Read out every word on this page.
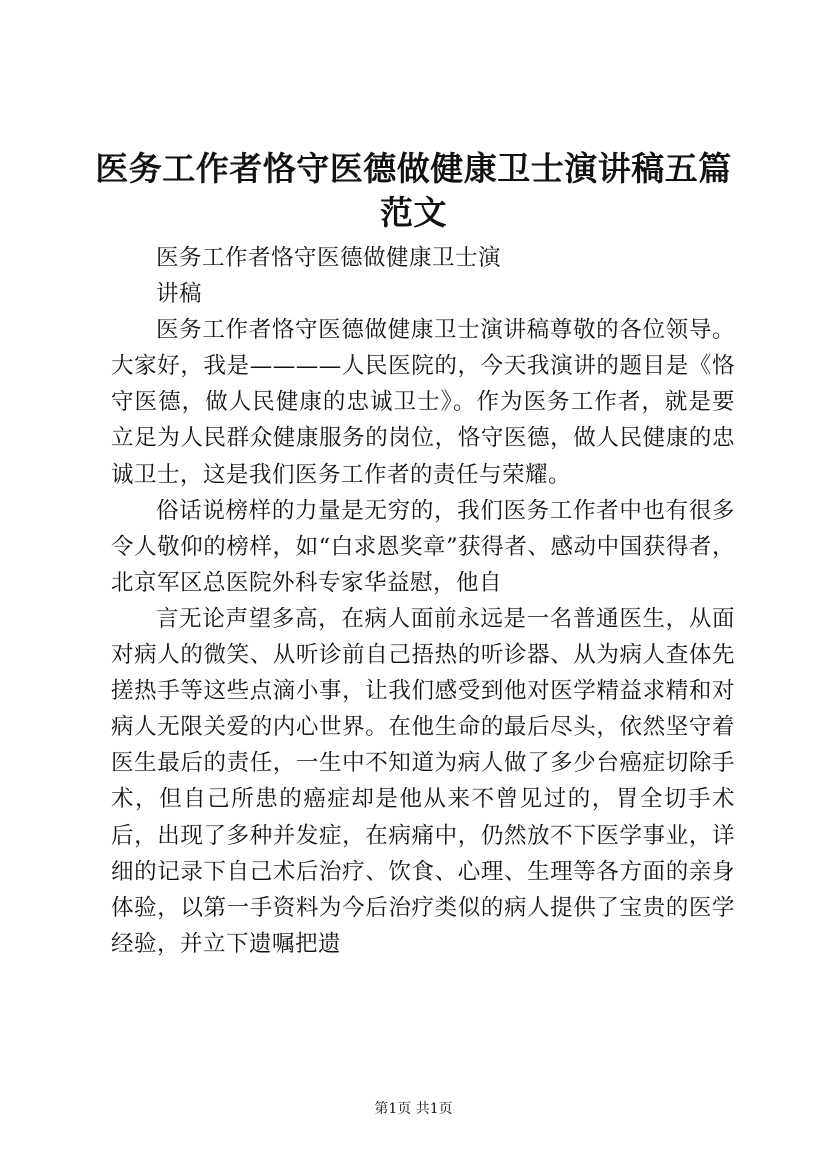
医务工作者恪守医德做健康卫士演讲稿五篇范文

医务工作者恪守医德做健康卫士演

讲稿

医务工作者恪守医德做健康卫士演讲稿尊敬的各位领导。大家好，我是————人民医院的，今天我演讲的题目是《恪守医德，做人民健康的忠诚卫士》。作为医务工作者，就是要立足为人民群众健康服务的岗位，恪守医德，做人民健康的忠诚卫士，这是我们医务工作者的责任与荣耀。

俗话说榜样的力量是无穷的，我们医务工作者中也有很多令人敬仰的榜样，如“白求恩奖章”获得者、感动中国获得者，北京军区总医院外科专家华益慰，他自

言无论声望多高，在病人面前永远是一名普通医生，从面对病人的微笑、从听诊前自己捂热的听诊器、从为病人查体先搓热手等这些点滴小事，让我们感受到他对医学精益求精和对病人无限关爱的内心世界。在他生命的最后尽头，依然坚守着医生最后的责任，一生中不知道为病人做了多少台癌症切除手术，但自己所患的癌症却是他从来不曾见过的，胃全切手术后，出现了多种并发症，在病痛中，仍然放不下医学事业，详细的记录下自己术后治疗、饮食、心理、生理等各方面的亲身体验，以第一手资料为今后治疗类似的病人提供了宝贵的医学经验，并立下遗嘱把遗

第1页 共1页
